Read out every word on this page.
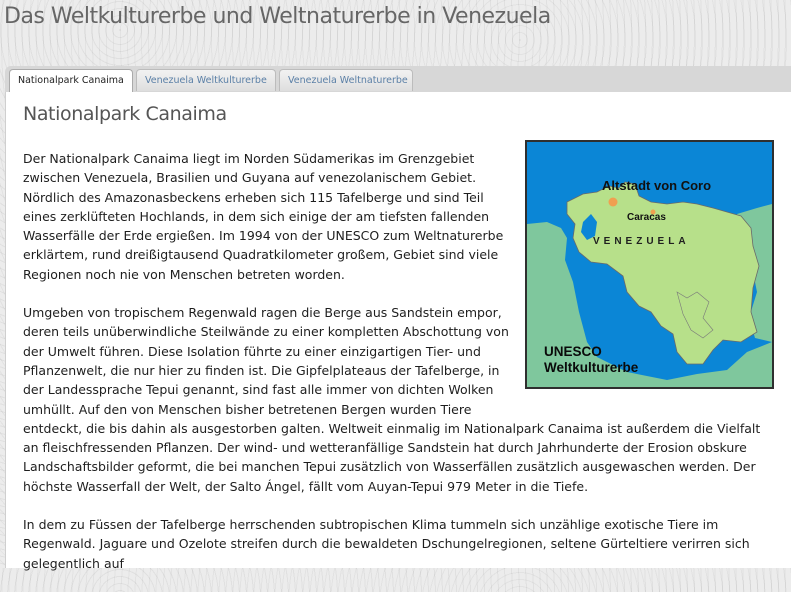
Das Weltkulturerbe und Weltnaturerbe in Venezuela
Nationalpark Canaima	Venezuela Weltkulturerbe	Venezuela Weltnaturerbe
Nationalpark Canaima
Altstadt von Coro
Caracas
VENEZUELA
UNESCO
Weltkulturerbe

Der Nationalpark Canaima liegt im Norden Südamerikas im Grenzgebiet zwischen Venezuela, Brasilien und Guyana auf venezolanischem Gebiet. Nördlich des Amazonasbeckens erheben sich 115 Tafelberge und sind Teil eines zerklüfteten Hochlands, in dem sich einige der am tiefsten fallenden Wasserfälle der Erde ergießen. Im 1994 von der UNESCO zum Weltnaturerbe erklärtem, rund dreißigtausend Quadratkilometer großem, Gebiet sind viele Regionen noch nie von Menschen betreten worden.

Umgeben von tropischem Regenwald ragen die Berge aus Sandstein empor, deren teils unüberwindliche Steilwände zu einer kompletten Abschottung von der Umwelt führen. Diese Isolation führte zu einer einzigartigen Tier- und Pflanzenwelt, die nur hier zu finden ist. Die Gipfelplateaus der Tafelberge, in der Landessprache Tepui genannt, sind fast alle immer von dichten Wolken umhüllt. Auf den von Menschen bisher betretenen Bergen wurden Tiere entdeckt, die bis dahin als ausgestorben galten. Weltweit einmalig im Nationalpark Canaima ist außerdem die Vielfalt an fleischfressenden Pflanzen. Der wind- und wetteranfällige Sandstein hat durch Jahrhunderte der Erosion obskure Landschaftsbilder geformt, die bei manchen Tepui zusätzlich von Wasserfällen zusätzlich ausgewaschen werden. Der höchste Wasserfall der Welt, der Salto Ángel, fällt vom Auyan-Tepui 979 Meter in die Tiefe.

In dem zu Füssen der Tafelberge herrschenden subtropischen Klima tummeln sich unzählige exotische Tiere im Regenwald. Jaguare und Ozelote streifen durch die bewaldeten Dschungelregionen, seltene Gürteltiere verirren sich gelegentlich auf
